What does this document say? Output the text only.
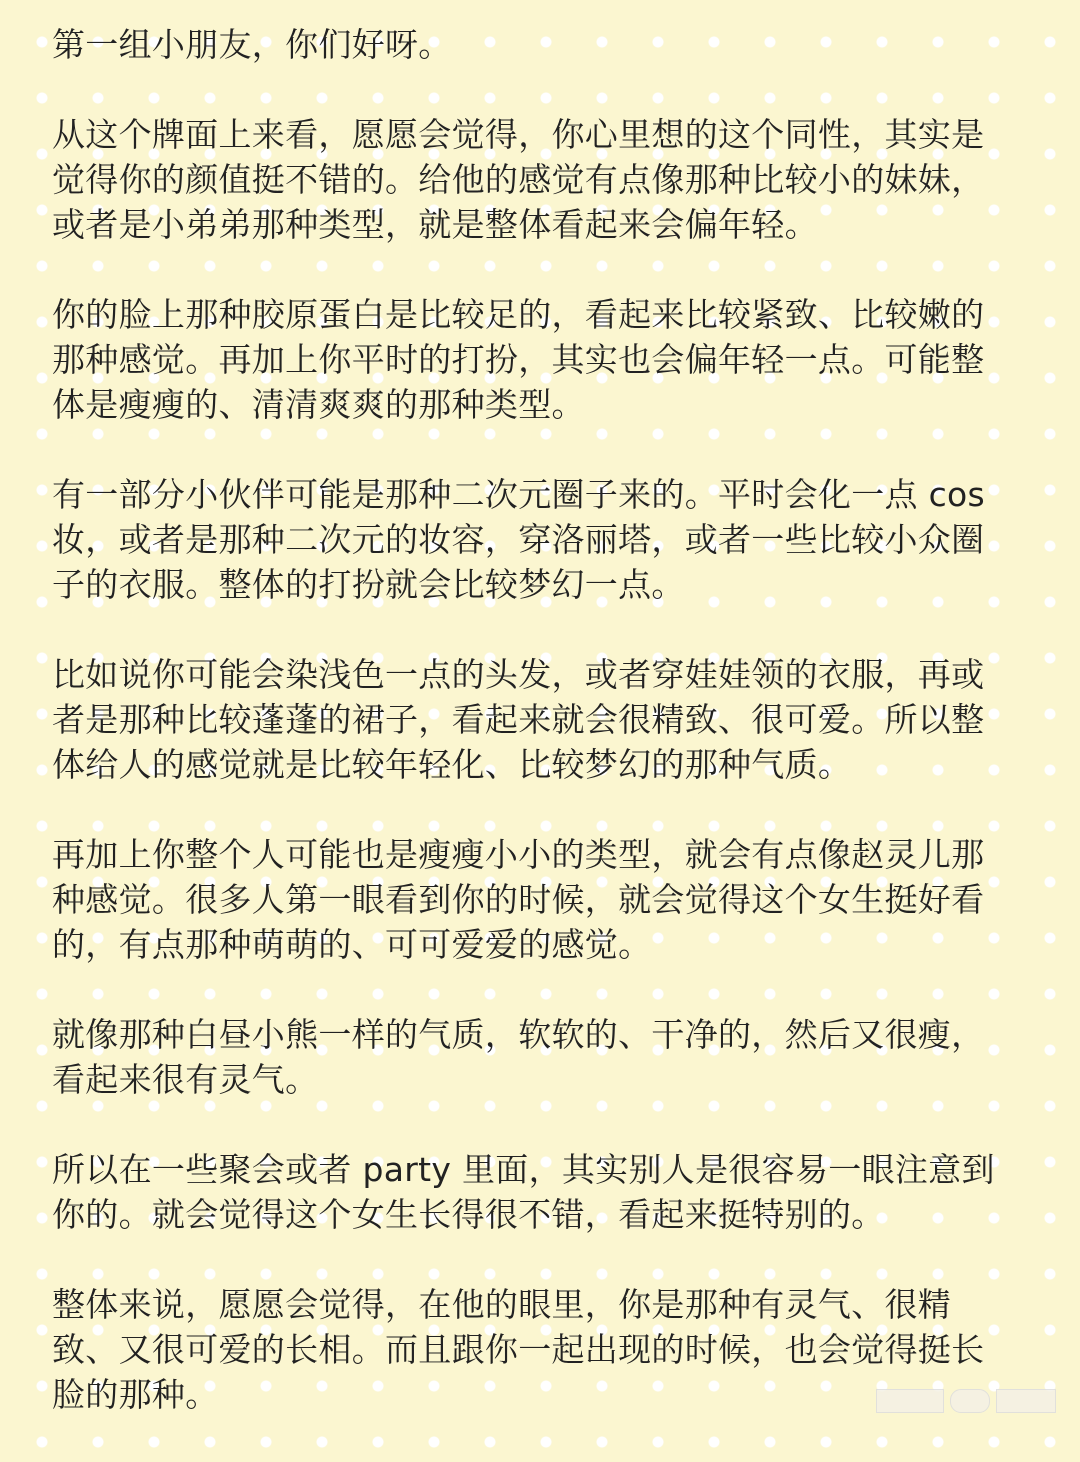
第一组小朋友，你们好呀。

从这个牌面上来看，愿愿会觉得，你心里想的这个同性，其实是觉得你的颜值挺不错的。给他的感觉有点像那种比较小的妹妹，或者是小弟弟那种类型，就是整体看起来会偏年轻。

你的脸上那种胶原蛋白是比较足的，看起来比较紧致、比较嫩的那种感觉。再加上你平时的打扮，其实也会偏年轻一点。可能整体是瘦瘦的、清清爽爽的那种类型。

有一部分小伙伴可能是那种二次元圈子来的。平时会化一点 cos 妆，或者是那种二次元的妆容，穿洛丽塔，或者一些比较小众圈子的衣服。整体的打扮就会比较梦幻一点。

比如说你可能会染浅色一点的头发，或者穿娃娃领的衣服，再或者是那种比较蓬蓬的裙子，看起来就会很精致、很可爱。所以整体给人的感觉就是比较年轻化、比较梦幻的那种气质。

再加上你整个人可能也是瘦瘦小小的类型，就会有点像赵灵儿那种感觉。很多人第一眼看到你的时候，就会觉得这个女生挺好看的，有点那种萌萌的、可可爱爱的感觉。

就像那种白昼小熊一样的气质，软软的、干净的，然后又很瘦，看起来很有灵气。

所以在一些聚会或者 party 里面，其实别人是很容易一眼注意到你的。就会觉得这个女生长得很不错，看起来挺特别的。

整体来说，愿愿会觉得，在他的眼里，你是那种有灵气、很精致、又很可爱的长相。而且跟你一起出现的时候，也会觉得挺长脸的那种。
